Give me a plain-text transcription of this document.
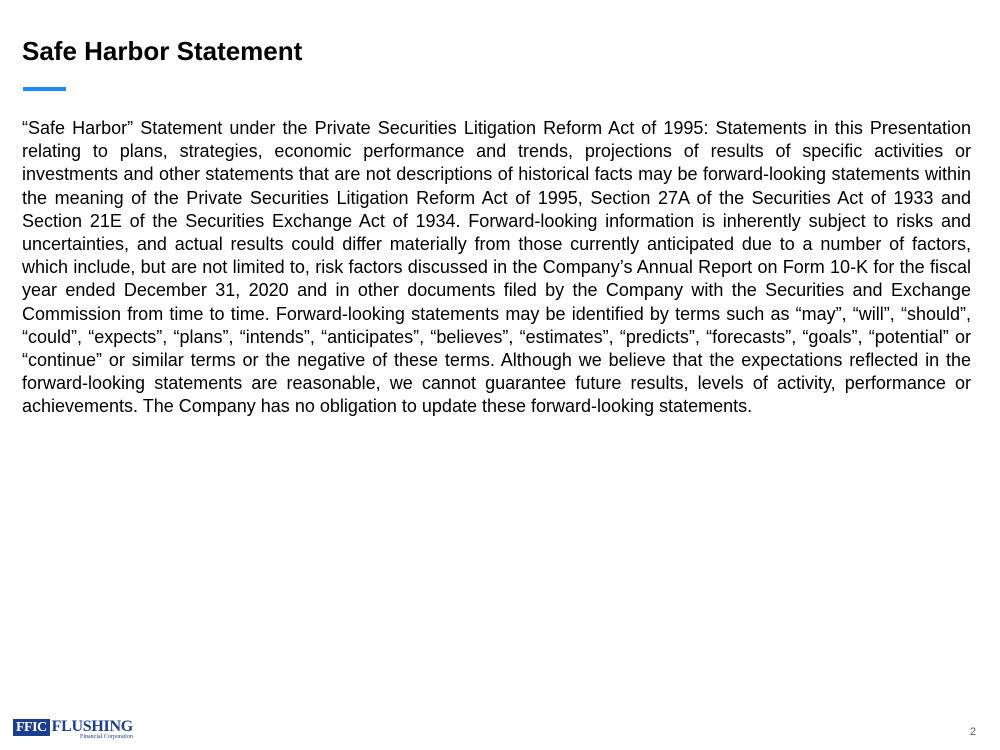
Safe Harbor Statement

“Safe Harbor” Statement under the Private Securities Litigation Reform Act of 1995: Statements in this Presentation relating to plans, strategies, economic performance and trends, projections of results of specific activities or investments and other statements that are not descriptions of historical facts may be forward-looking statements within the meaning of the Private Securities Litigation Reform Act of 1995, Section 27A of the Securities Act of 1933 and Section 21E of the Securities Exchange Act of 1934. Forward-looking information is inherently subject to risks and uncertainties, and actual results could differ materially from those currently anticipated due to a number of factors, which include, but are not limited to, risk factors discussed in the Company’s Annual Report on Form 10-K for the fiscal year ended December 31, 2020 and in other documents filed by the Company with the Securities and Exchange Commission from time to time. Forward-looking statements may be identified by terms such as “may”, “will”, “should”, “could”, “expects”, “plans”, “intends”, “anticipates”, “believes”, “estimates”, “predicts”, “forecasts”, “goals”, “potential” or “continue” or similar terms or the negative of these terms. Although we believe that the expectations reflected in the forward-looking statements are reasonable, we cannot guarantee future results, levels of activity, performance or achievements. The Company has no obligation to update these forward-looking statements.

FFIC FLUSHING
Financial Corporation	2
